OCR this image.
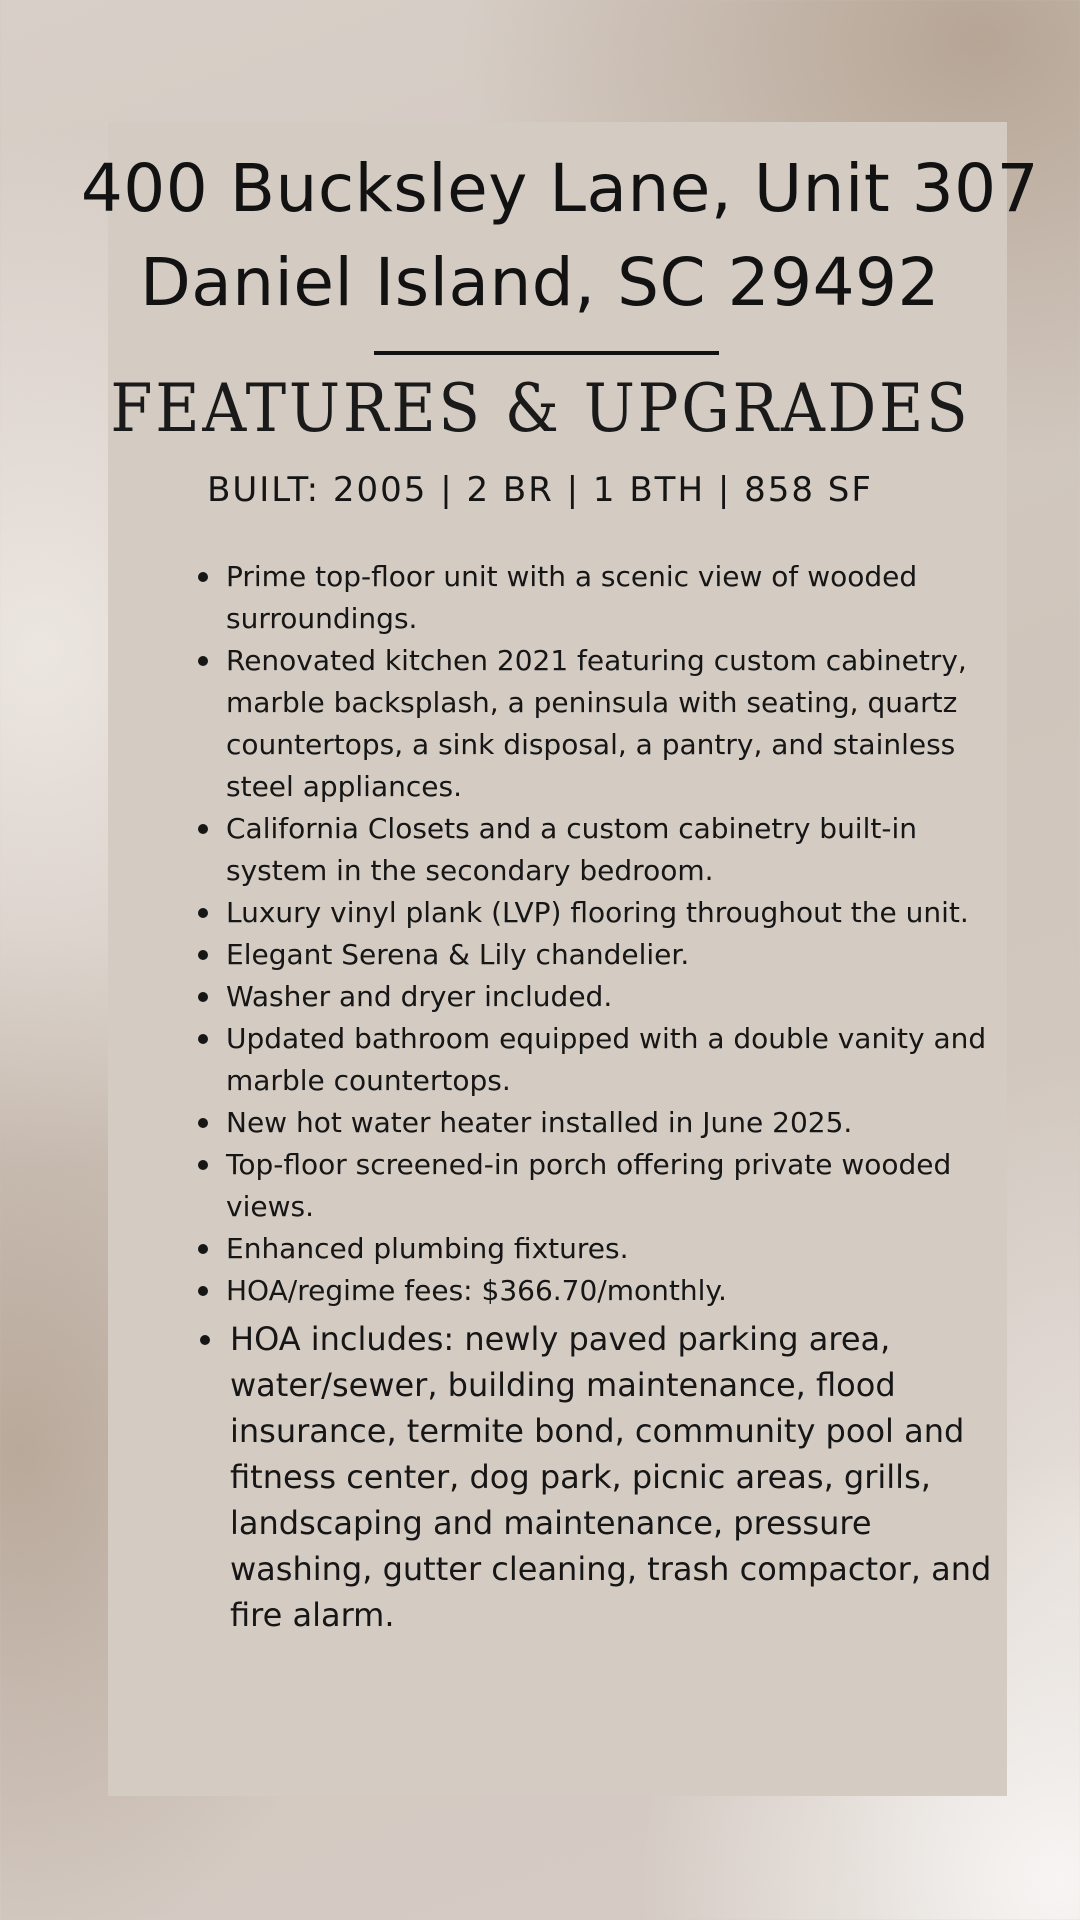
400 Bucksley Lane, Unit 307
Daniel Island, SC 29492
FEATURES & UPGRADES
BUILT: 2005 | 2 BR | 1 BTH | 858 SF
Prime top-floor unit with a scenic view of wooded surroundings.
Renovated kitchen 2021 featuring custom cabinetry, marble backsplash, a peninsula with seating, quartz countertops, a sink disposal, a pantry, and stainless steel appliances.
California Closets and a custom cabinetry built-in system in the secondary bedroom.
Luxury vinyl plank (LVP) flooring throughout the unit.
Elegant Serena & Lily chandelier.
Washer and dryer included.
Updated bathroom equipped with a double vanity and marble countertops.
New hot water heater installed in June 2025.
Top-floor screened-in porch offering private wooded views.
Enhanced plumbing fixtures.
HOA/regime fees: $366.70/monthly.
HOA includes: newly paved parking area, water/sewer, building maintenance, flood insurance, termite bond, community pool and fitness center, dog park, picnic areas, grills, landscaping and maintenance, pressure washing, gutter cleaning, trash compactor, and fire alarm.
